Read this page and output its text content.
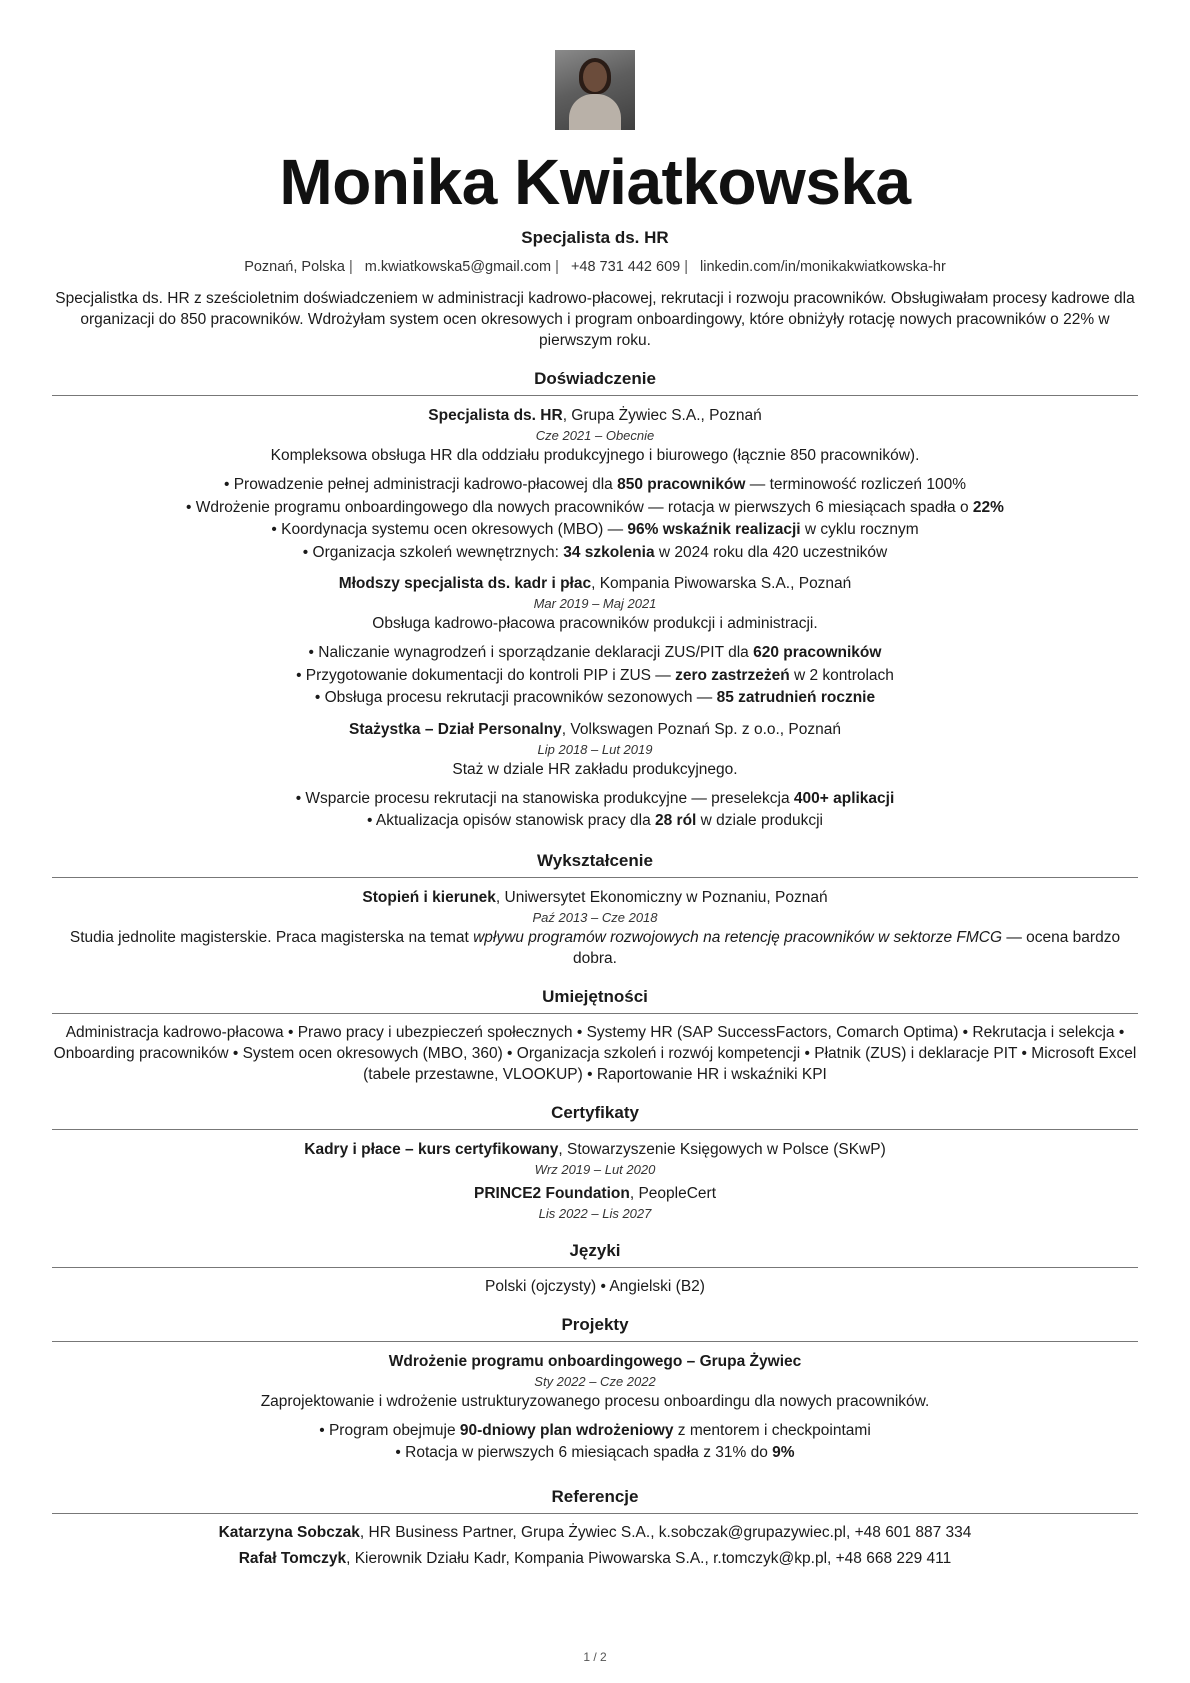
Monika Kwiatkowska
Specjalista ds. HR
Poznań, Polska | m.kwiatkowska5@gmail.com | +48 731 442 609 | linkedin.com/in/monikakwiatkowska-hr
Specjalistka ds. HR z sześcioletnim doświadczeniem w administracji kadrowo-płacowej, rekrutacji i rozwoju pracowników. Obsługiwałam procesy kadrowe dla organizacji do 850 pracowników. Wdrożyłam system ocen okresowych i program onboardingowy, które obniżyły rotację nowych pracowników o 22% w pierwszym roku.
Doświadczenie
Specjalista ds. HR, Grupa Żywiec S.A., Poznań
Cze 2021 – Obecnie
Kompleksowa obsługa HR dla oddziału produkcyjnego i biurowego (łącznie 850 pracowników).
• Prowadzenie pełnej administracji kadrowo-płacowej dla 850 pracowników — terminowość rozliczeń 100%
• Wdrożenie programu onboardingowego dla nowych pracowników — rotacja w pierwszych 6 miesiącach spadła o 22%
• Koordynacja systemu ocen okresowych (MBO) — 96% wskaźnik realizacji w cyklu rocznym
• Organizacja szkoleń wewnętrznych: 34 szkolenia w 2024 roku dla 420 uczestników
Młodszy specjalista ds. kadr i płac, Kompania Piwowarska S.A., Poznań
Mar 2019 – Maj 2021
Obsługa kadrowo-płacowa pracowników produkcji i administracji.
• Naliczanie wynagrodzeń i sporządzanie deklaracji ZUS/PIT dla 620 pracowników
• Przygotowanie dokumentacji do kontroli PIP i ZUS — zero zastrzeżeń w 2 kontrolach
• Obsługa procesu rekrutacji pracowników sezonowych — 85 zatrudnień rocznie
Stażystka – Dział Personalny, Volkswagen Poznań Sp. z o.o., Poznań
Lip 2018 – Lut 2019
Staż w dziale HR zakładu produkcyjnego.
• Wsparcie procesu rekrutacji na stanowiska produkcyjne — preselekcja 400+ aplikacji
• Aktualizacja opisów stanowisk pracy dla 28 ról w dziale produkcji
Wykształcenie
Stopień i kierunek, Uniwersytet Ekonomiczny w Poznaniu, Poznań
Paź 2013 – Cze 2018
Studia jednolite magisterskie. Praca magisterska na temat wpływu programów rozwojowych na retencję pracowników w sektorze FMCG — ocena bardzo dobra.
Umiejętności
Administracja kadrowo-płacowa • Prawo pracy i ubezpieczeń społecznych • Systemy HR (SAP SuccessFactors, Comarch Optima) • Rekrutacja i selekcja • Onboarding pracowników • System ocen okresowych (MBO, 360) • Organizacja szkoleń i rozwój kompetencji • Płatnik (ZUS) i deklaracje PIT • Microsoft Excel (tabele przestawne, VLOOKUP) • Raportowanie HR i wskaźniki KPI
Certyfikaty
Kadry i płace – kurs certyfikowany, Stowarzyszenie Księgowych w Polsce (SKwP)
Wrz 2019 – Lut 2020
PRINCE2 Foundation, PeopleCert
Lis 2022 – Lis 2027
Języki
Polski (ojczysty) • Angielski (B2)
Projekty
Wdrożenie programu onboardingowego – Grupa Żywiec
Sty 2022 – Cze 2022
Zaprojektowanie i wdrożenie ustrukturyzowanego procesu onboardingu dla nowych pracowników.
• Program obejmuje 90-dniowy plan wdrożeniowy z mentorem i checkpointami
• Rotacja w pierwszych 6 miesiącach spadła z 31% do 9%
Referencje
Katarzyna Sobczak, HR Business Partner, Grupa Żywiec S.A., k.sobczak@grupazywiec.pl, +48 601 887 334
Rafał Tomczyk, Kierownik Działu Kadr, Kompania Piwowarska S.A., r.tomczyk@kp.pl, +48 668 229 411
1 / 2
